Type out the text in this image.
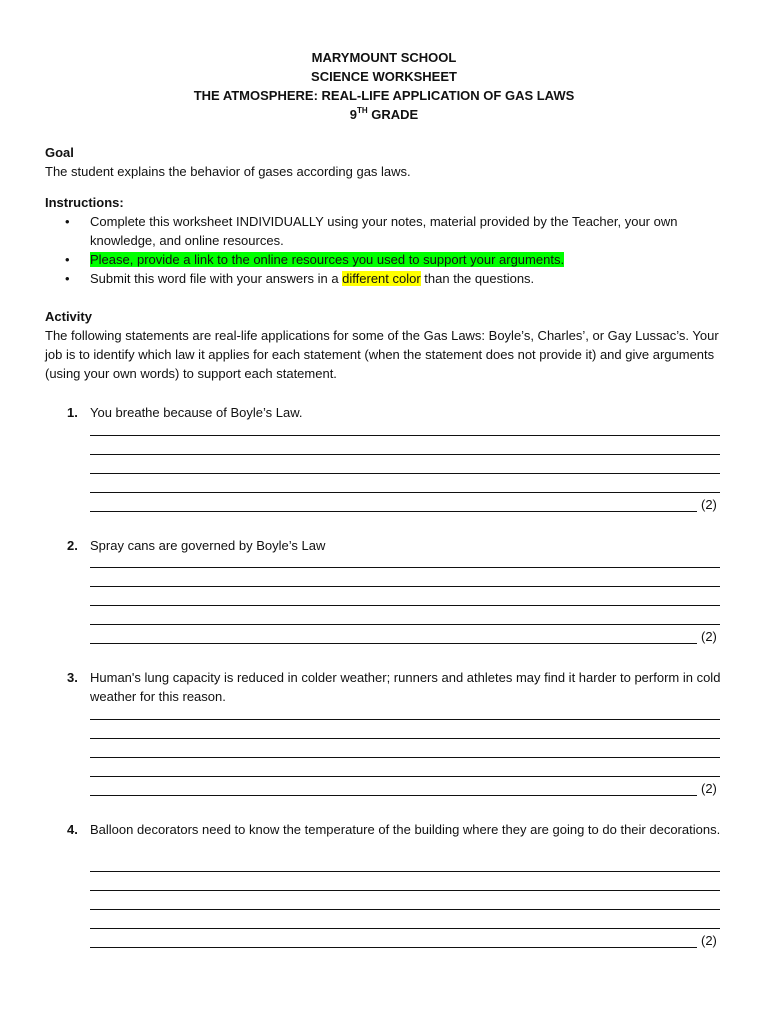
MARYMOUNT SCHOOL
SCIENCE WORKSHEET
THE ATMOSPHERE: REAL-LIFE APPLICATION OF GAS LAWS
9TH GRADE
Goal
The student explains the behavior of gases according gas laws.
Instructions:
• Complete this worksheet INDIVIDUALLY using your notes, material provided by the Teacher, your own knowledge, and online resources.
• Please, provide a link to the online resources you used to support your arguments.
• Submit this word file with your answers in a different color than the questions.
Activity
The following statements are real-life applications for some of the Gas Laws: Boyle’s, Charles’, or Gay Lussac’s. Your job is to identify which law it applies for each statement (when the statement does not provide it) and give arguments (using your own words) to support each statement.
1. You breathe because of Boyle’s Law.
(2)
2. Spray cans are governed by Boyle’s Law
(2)
3. Human's lung capacity is reduced in colder weather; runners and athletes may find it harder to perform in cold weather for this reason.
(2)
4. Balloon decorators need to know the temperature of the building where they are going to do their decorations.
(2)
